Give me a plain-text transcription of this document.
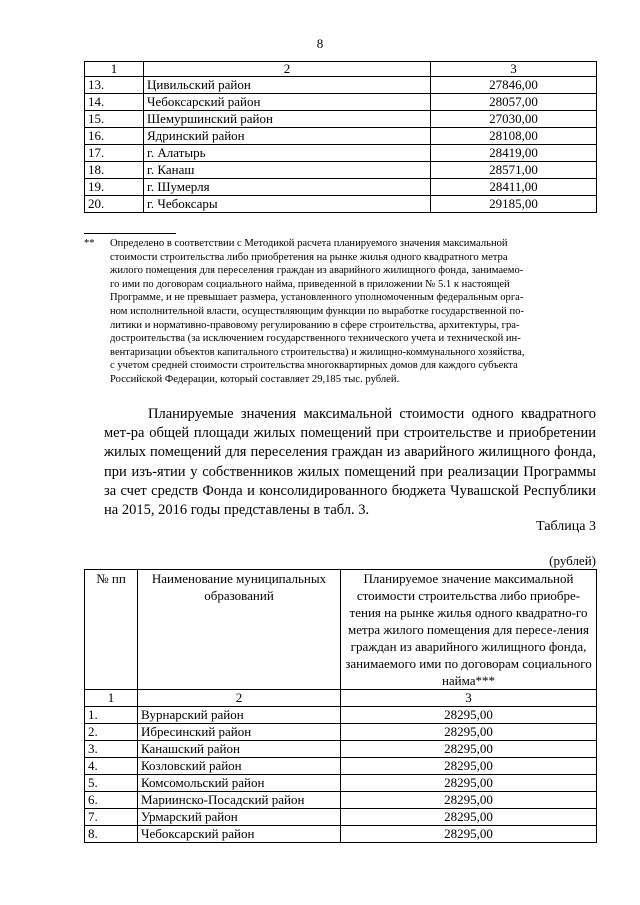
8
1	2	3
13.	Цивильский район	27846,00
14.	Чебоксарский район	28057,00
15.	Шемуршинский район	27030,00
16.	Ядринский район	28108,00
17.	г. Алатырь	28419,00
18.	г. Канаш	28571,00
19.	г. Шумерля	28411,00
20.	г. Чебоксары	29185,00
** Определено в соответствии с Методикой расчета планируемого значения максимальной
стоимости строительства либо приобретения на рынке жилья одного квадратного метра
жилого помещения для переселения граждан из аварийного жилищного фонда, занимаемо-
го ими по договорам социального найма, приведенной в приложении № 5.1 к настоящей
Программе, и не превышает размера, установленного уполномоченным федеральным орга-
ном исполнительной власти, осуществляющим функции по выработке государственной по-
литики и нормативно-правовому регулированию в сфере строительства, архитектуры, гра-
достроительства (за исключением государственного технического учета и технической ин-
вентаризации объектов капитального строительства) и жилищно-коммунального хозяйства,
с учетом средней стоимости строительства многоквартирных домов для каждого субъекта
Российской Федерации, который составляет 29,185 тыс. рублей.
Планируемые значения максимальной стоимости одного квадратного мет-ра общей площади жилых помещений при строительстве и приобретении жилых помещений для переселения граждан из аварийного жилищного фонда, при изъ-ятии у собственников жилых помещений при реализации Программы за счет средств Фонда и консолидированного бюджета Чувашской Республики на 2015, 2016 годы представлены в табл. 3.
Таблица 3
(рублей)
№ пп	Наименование муниципальных образований	Планируемое значение максимальной стоимости строительства либо приобре-тения на рынке жилья одного квадратно-го метра жилого помещения для пересе-ления граждан из аварийного жилищного фонда, занимаемого ими по договорам социального найма***
1	2	3
1.	Вурнарский район	28295,00
2.	Ибресинский район	28295,00
3.	Канашский район	28295,00
4.	Козловский район	28295,00
5.	Комсомольский район	28295,00
6.	Мариинско-Посадский район	28295,00
7.	Урмарский район	28295,00
8.	Чебоксарский район	28295,00
